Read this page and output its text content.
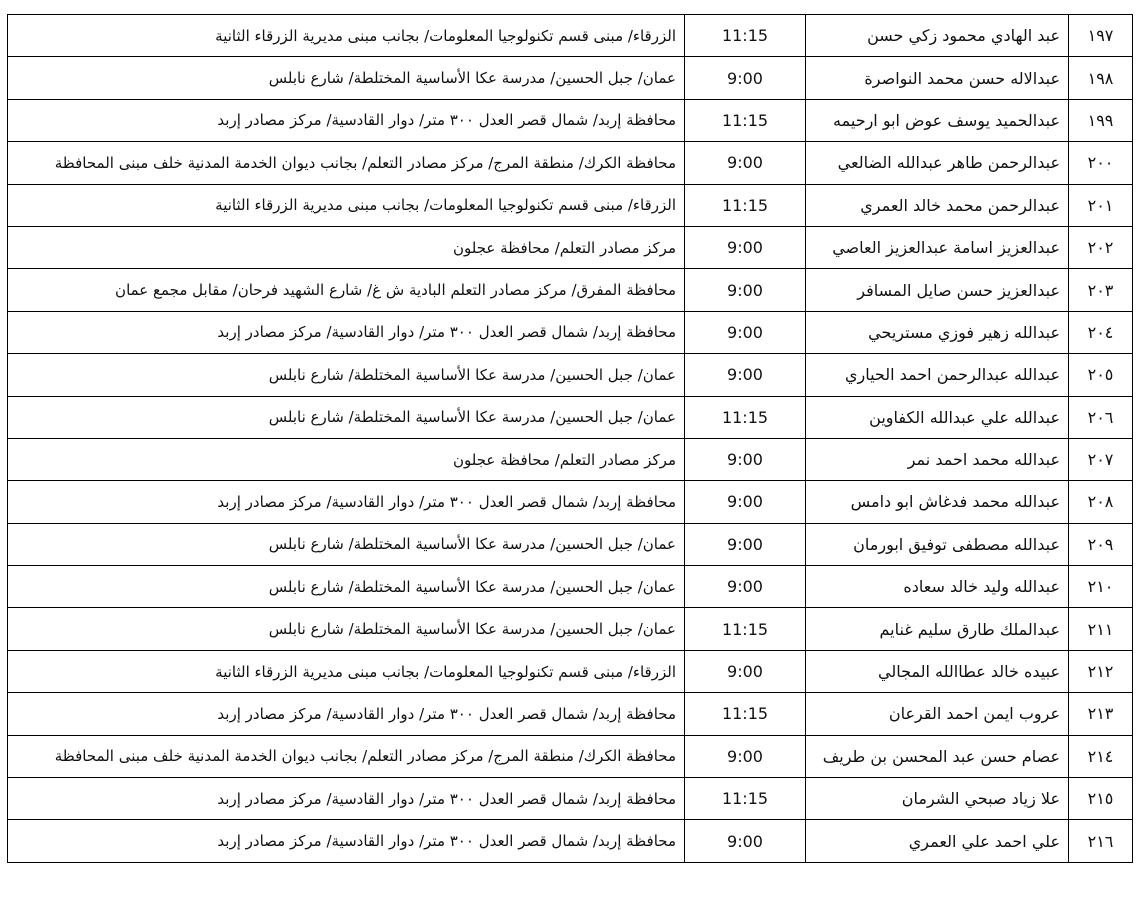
١٩٧	عبد الهادي محمود زكي حسن	11:15	الزرقاء/ مبنى قسم تكنولوجيا المعلومات/ بجانب مبنى مديرية الزرقاء الثانية
١٩٨	عبدالاله حسن محمد النواصرة	9:00	عمان/ جبل الحسين/ مدرسة عكا الأساسية المختلطة/ شارع نابلس
١٩٩	عبدالحميد يوسف عوض ابو ارحيمه	11:15	محافظة إربد/ شمال قصر العدل ٣٠٠ متر/ دوار القادسية/ مركز مصادر إربد
٢٠٠	عبدالرحمن طاهر عبدالله الضالعي	9:00	محافظة الكرك/ منطقة المرج/ مركز مصادر التعلم/ بجانب ديوان الخدمة المدنية خلف مبنى المحافظة
٢٠١	عبدالرحمن محمد خالد العمري	11:15	الزرقاء/ مبنى قسم تكنولوجيا المعلومات/ بجانب مبنى مديرية الزرقاء الثانية
٢٠٢	عبدالعزيز اسامة عبدالعزيز العاصي	9:00	مركز مصادر التعلم/ محافظة عجلون
٢٠٣	عبدالعزيز حسن صايل المسافر	9:00	محافظة المفرق/ مركز مصادر التعلم البادية ش غ/ شارع الشهيد فرحان/ مقابل مجمع عمان
٢٠٤	عبدالله زهير فوزي مستريحي	9:00	محافظة إربد/ شمال قصر العدل ٣٠٠ متر/ دوار القادسية/ مركز مصادر إربد
٢٠٥	عبدالله عبدالرحمن احمد الحياري	9:00	عمان/ جبل الحسين/ مدرسة عكا الأساسية المختلطة/ شارع نابلس
٢٠٦	عبدالله علي عبدالله الكفاوين	11:15	عمان/ جبل الحسين/ مدرسة عكا الأساسية المختلطة/ شارع نابلس
٢٠٧	عبدالله محمد احمد نمر	9:00	مركز مصادر التعلم/ محافظة عجلون
٢٠٨	عبدالله محمد فدغاش ابو دامس	9:00	محافظة إربد/ شمال قصر العدل ٣٠٠ متر/ دوار القادسية/ مركز مصادر إربد
٢٠٩	عبدالله مصطفى توفيق ابورمان	9:00	عمان/ جبل الحسين/ مدرسة عكا الأساسية المختلطة/ شارع نابلس
٢١٠	عبدالله وليد خالد سعاده	9:00	عمان/ جبل الحسين/ مدرسة عكا الأساسية المختلطة/ شارع نابلس
٢١١	عبدالملك طارق سليم غنايم	11:15	عمان/ جبل الحسين/ مدرسة عكا الأساسية المختلطة/ شارع نابلس
٢١٢	عبيده خالد عطاالله المجالي	9:00	الزرقاء/ مبنى قسم تكنولوجيا المعلومات/ بجانب مبنى مديرية الزرقاء الثانية
٢١٣	عروب ايمن احمد القرعان	11:15	محافظة إربد/ شمال قصر العدل ٣٠٠ متر/ دوار القادسية/ مركز مصادر إربد
٢١٤	عصام حسن عبد المحسن بن طريف	9:00	محافظة الكرك/ منطقة المرج/ مركز مصادر التعلم/ بجانب ديوان الخدمة المدنية خلف مبنى المحافظة
٢١٥	علا زياد صبحي الشرمان	11:15	محافظة إربد/ شمال قصر العدل ٣٠٠ متر/ دوار القادسية/ مركز مصادر إربد
٢١٦	علي احمد علي العمري	9:00	محافظة إربد/ شمال قصر العدل ٣٠٠ متر/ دوار القادسية/ مركز مصادر إربد
